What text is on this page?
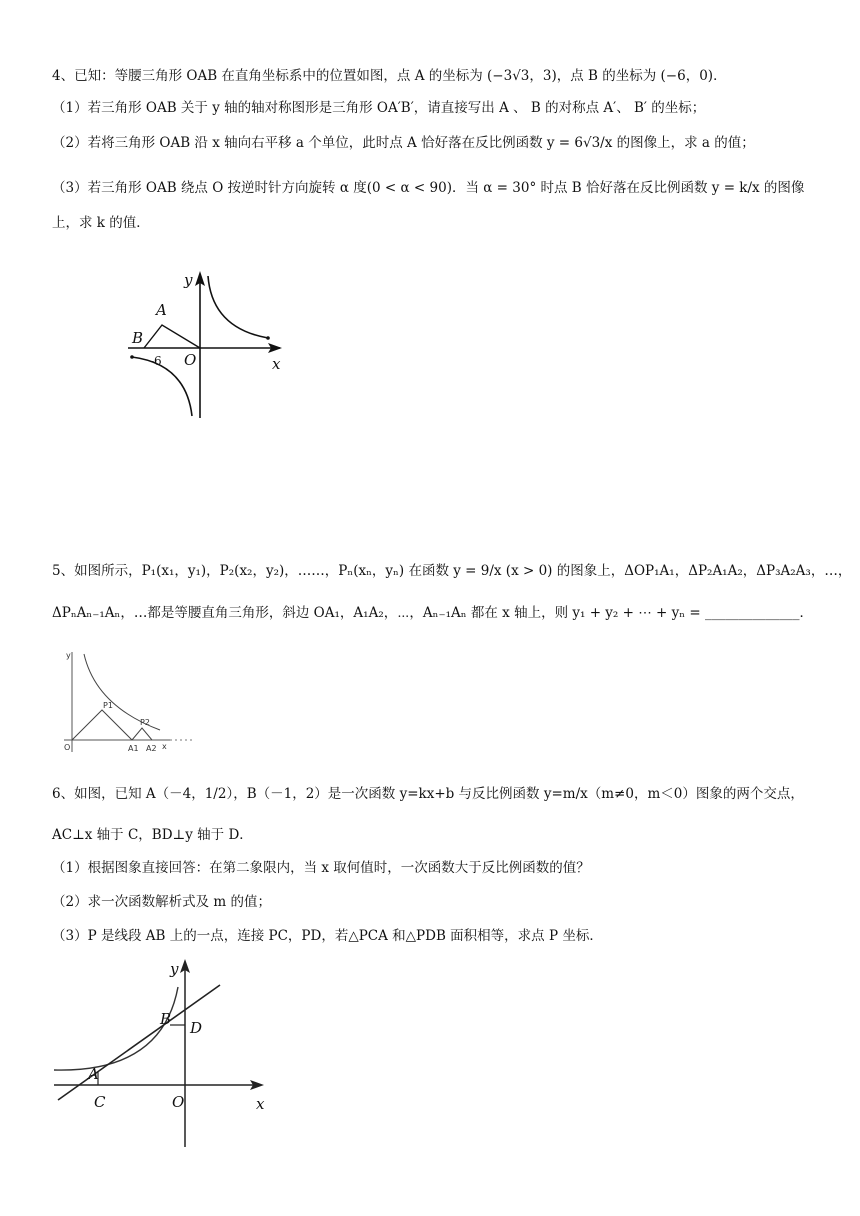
4、已知：等腰三角形 OAB 在直角坐标系中的位置如图，点 A 的坐标为 (−3√3，3)，点 B 的坐标为 (−6，0)．
（1）若三角形 OAB 关于 y 轴的轴对称图形是三角形 OA′B′，请直接写出 A 、 B 的对称点 A′、 B′ 的坐标；
（2）若将三角形 OAB 沿 x 轴向右平移 a 个单位，此时点 A 恰好落在反比例函数 y = 6√3/x 的图像上，求 a 的值；
（3）若三角形 OAB 绕点 O 按逆时针方向旋转 α 度(0 < α < 90)．当 α = 30° 时点 B 恰好落在反比例函数 y = k/x 的图像
上，求 k 的值．
y
x
A
B
O
-6
5、如图所示，P₁(x₁，y₁)，P₂(x₂，y₂)，……，Pₙ(xₙ，yₙ) 在函数 y = 9/x (x > 0) 的图象上，ΔOP₁A₁，ΔP₂A₁A₂，ΔP₃A₂A₃，…，
ΔPₙAₙ₋₁Aₙ，…都是等腰直角三角形，斜边 OA₁，A₁A₂，⋯，Aₙ₋₁Aₙ 都在 x 轴上，则 y₁ + y₂ + ⋯ + yₙ = ______________．
y
x
O
P1
P2
A1 A2
6、如图，已知 A（－4，1/2），B（－1，2）是一次函数 y=kx+b 与反比例函数 y=m/x（m≠0，m＜0）图象的两个交点，
AC⊥x 轴于 C，BD⊥y 轴于 D．
（1）根据图象直接回答：在第二象限内，当 x 取何值时，一次函数大于反比例函数的值？
（2）求一次函数解析式及 m 的值；
（3）P 是线段 AB 上的一点，连接 PC，PD，若△PCA 和△PDB 面积相等，求点 P 坐标．
y
x
A
B D
C	O
